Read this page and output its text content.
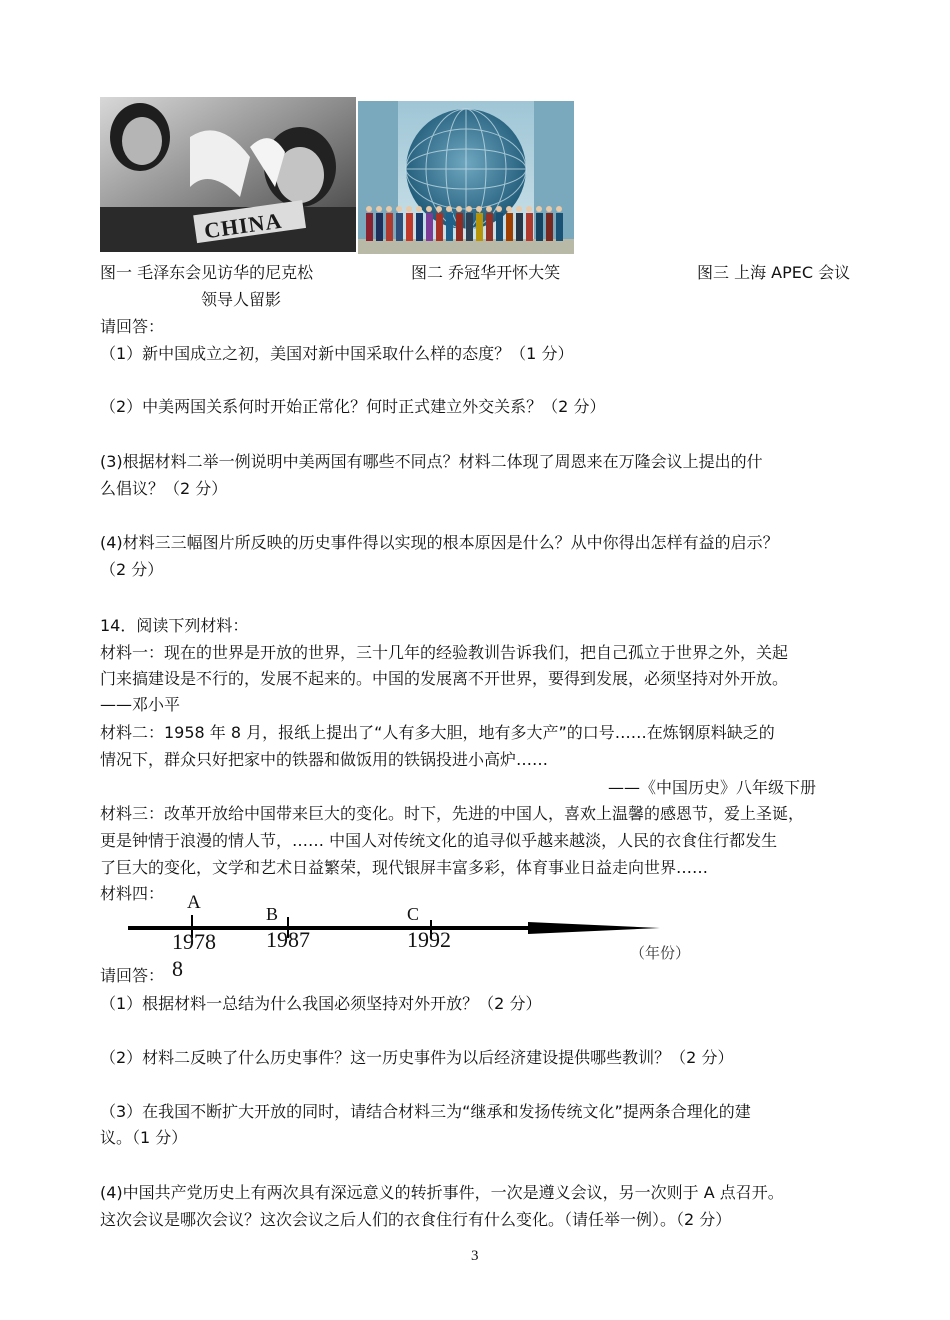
CHINA
图一 毛泽东会见访华的尼克松	图二 乔冠华开怀大笑	图三 上海 APEC 会议
领导人留影
请回答：
（1）新中国成立之初，美国对新中国采取什么样的态度？（1 分）
（2）中美两国关系何时开始正常化？何时正式建立外交关系？（2 分）
(3)根据材料二举一例说明中美两国有哪些不同点？材料二体现了周恩来在万隆会议上提出的什
么倡议？（2 分）
(4)材料三三幅图片所反映的历史事件得以实现的根本原因是什么？从中你得出怎样有益的启示？
（2 分）
14．阅读下列材料：
材料一：现在的世界是开放的世界，三十几年的经验教训告诉我们，把自己孤立于世界之外，关起
门来搞建设是不行的，发展不起来的。中国的发展离不开世界，要得到发展，必须坚持对外开放。
——邓小平
材料二：1958 年 8 月，报纸上提出了“人有多大胆，地有多大产”的口号……在炼钢原料缺乏的
情况下，群众只好把家中的铁器和做饭用的铁锅投进小高炉……
——《中国历史》八年级下册
材料三：改革开放给中国带来巨大的变化。时下，先进的中国人，喜欢上温馨的感恩节，爱上圣诞，
更是钟情于浪漫的情人节，…… 中国人对传统文化的追寻似乎越来越淡，人民的衣食住行都发生
了巨大的变化，文学和艺术日益繁荣，现代银屏丰富多彩，体育事业日益走向世界……
材料四： A
B	C
1978
8
1987	1992
（年份）
请回答：
（1）根据材料一总结为什么我国必须坚持对外开放？（2 分）
（2）材料二反映了什么历史事件？这一历史事件为以后经济建设提供哪些教训？（2 分）
（3）在我国不断扩大开放的同时，请结合材料三为“继承和发扬传统文化”提两条合理化的建
议。（1 分）
(4)中国共产党历史上有两次具有深远意义的转折事件，一次是遵义会议，另一次则于 A 点召开。
这次会议是哪次会议？这次会议之后人们的衣食住行有什么变化。（请任举一例）。（2 分）
3
